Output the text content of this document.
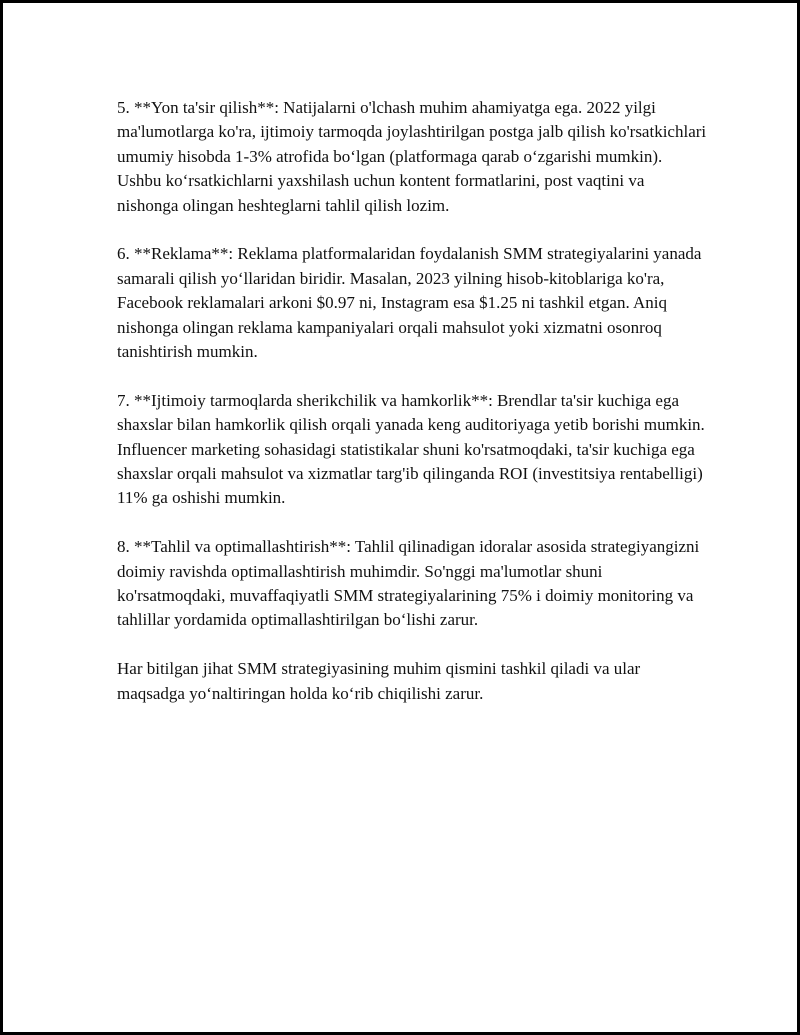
5. **Yon ta'sir qilish**: Natijalarni o'lchash muhim ahamiyatga ega. 2022 yilgi ma'lumotlarga ko'ra, ijtimoiy tarmoqda joylashtirilgan postga jalb qilish ko'rsatkichlari umumiy hisobda 1-3% atrofida bo‘lgan (platformaga qarab o‘zgarishi mumkin). Ushbu ko‘rsatkichlarni yaxshilash uchun kontent formatlarini, post vaqtini va nishonga olingan heshteglarni tahlil qilish lozim.

6. **Reklama**: Reklama platformalaridan foydalanish SMM strategiyalarini yanada samarali qilish yo‘llaridan biridir. Masalan, 2023 yilning hisob-kitoblariga ko'ra, Facebook reklamalari arkoni $0.97 ni, Instagram esa $1.25 ni tashkil etgan. Aniq nishonga olingan reklama kampaniyalari orqali mahsulot yoki xizmatni osonroq tanishtirish mumkin.

7. **Ijtimoiy tarmoqlarda sherikchilik va hamkorlik**: Brendlar ta'sir kuchiga ega shaxslar bilan hamkorlik qilish orqali yanada keng auditoriyaga yetib borishi mumkin. Influencer marketing sohasidagi statistikalar shuni ko'rsatmoqdaki, ta'sir kuchiga ega shaxslar orqali mahsulot va xizmatlar targ'ib qilinganda ROI (investitsiya rentabelligi) 11% ga oshishi mumkin.

8. **Tahlil va optimallashtirish**: Tahlil qilinadigan idoralar asosida strategiyangizni doimiy ravishda optimallashtirish muhimdir. So'nggi ma'lumotlar shuni ko'rsatmoqdaki, muvaffaqiyatli SMM strategiyalarining 75% i doimiy monitoring va tahlillar yordamida optimallashtirilgan bo‘lishi zarur.

Har bitilgan jihat SMM strategiyasining muhim qismini tashkil qiladi va ular maqsadga yo‘naltiringan holda ko‘rib chiqilishi zarur.
